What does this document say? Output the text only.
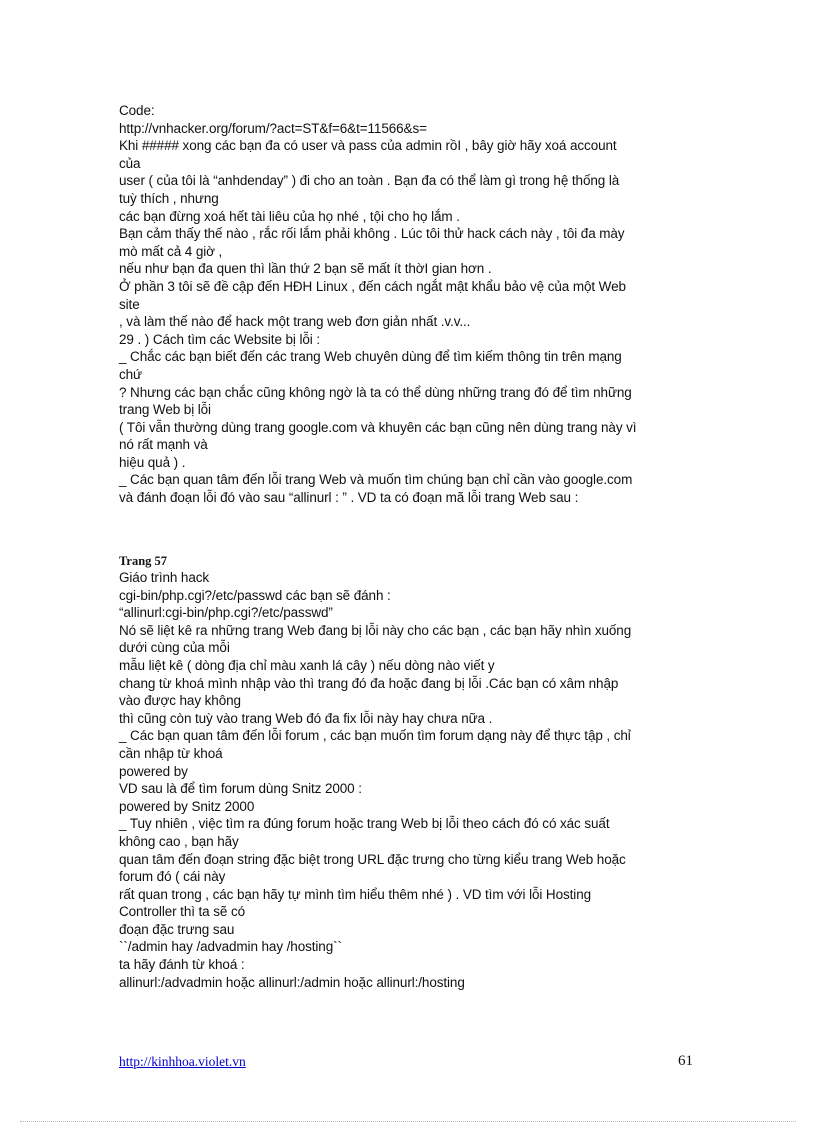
Code:
http://vnhacker.org/forum/?act=ST&f=6&t=11566&s=
Khi ##### xong các bạn đa có user và pass của admin rồI , bây giờ hãy xoá account
của
user ( của tôi là “anhdenday” ) đi cho an toàn . Bạn đa có thể làm gì trong hệ thống là
tuỳ thích , nhưng
các bạn đừng xoá hết tài liêu của họ nhé , tội cho họ lắm .
Bạn cảm thấy thế nào , rắc rối lắm phải không . Lúc tôi thử hack cách này , tôi đa mày
mò mất cả 4 giờ ,
nếu như bạn đa quen thì lần thứ 2 bạn sẽ mất ít thờI gian hơn .
Ở phần 3 tôi sẽ đề cập đến HĐH Linux , đến cách ngắt mật khẩu bảo vệ của một Web
site
, và làm thế nào để hack một trang web đơn giản nhất .v.v...
29 . ) Cách tìm các Website bị lỗi :
_ Chắc các bạn biết đến các trang Web chuyên dùng để tìm kiếm thông tin trên mạng
chứ
? Nhưng các bạn chắc cũng không ngờ là ta có thể dùng những trang đó để tìm những
trang Web bị lỗi
( Tôi vẫn thường dùng trang google.com và khuyên các bạn cũng nên dùng trang này vì
nó rất mạnh và
hiệu quả ) .
_ Các bạn quan tâm đến lỗi trang Web và muốn tìm chúng bạn chỉ cần vào google.com
và đánh đoạn lỗi đó vào sau “allinurl : ” . VD ta có đoạn mã lỗi trang Web sau :
Trang 57
Giáo trình hack
cgi-bin/php.cgi?/etc/passwd các bạn sẽ đánh :
“allinurl:cgi-bin/php.cgi?/etc/passwd”
Nó sẽ liệt kê ra những trang Web đang bị lỗi này cho các bạn , các bạn hãy nhìn xuống
dưới cùng của mỗi
mẫu liệt kê ( dòng địa chỉ màu xanh lá cây ) nếu dòng nào viết y
chang từ khoá mình nhập vào thì trang đó đa hoặc đang bị lỗi .Các bạn có xâm nhập
vào được hay không
thì cũng còn tuỳ vào trang Web đó đa fix lỗi này hay chưa nữa .
_ Các bạn quan tâm đến lỗi forum , các bạn muốn tìm forum dạng này để thực tập , chỉ
cần nhập từ khoá
powered by
VD sau là để tìm forum dùng Snitz 2000 :
powered by Snitz 2000
_ Tuy nhiên , việc tìm ra đúng forum hoặc trang Web bị lỗi theo cách đó có xác suất
không cao , bạn hãy
quan tâm đến đoạn string đặc biệt trong URL đặc trưng cho từng kiểu trang Web hoặc
forum đó ( cái này
rất quan trong , các bạn hãy tự mình tìm hiểu thêm nhé ) . VD tìm với lỗi Hosting
Controller thì ta sẽ có
đoạn đặc trưng sau
``/admin hay /advadmin hay /hosting``
ta hãy đánh từ khoá :
allinurl:/advadmin hoặc allinurl:/admin hoặc allinurl:/hosting
http://kinhhoa.violet.vn	61
